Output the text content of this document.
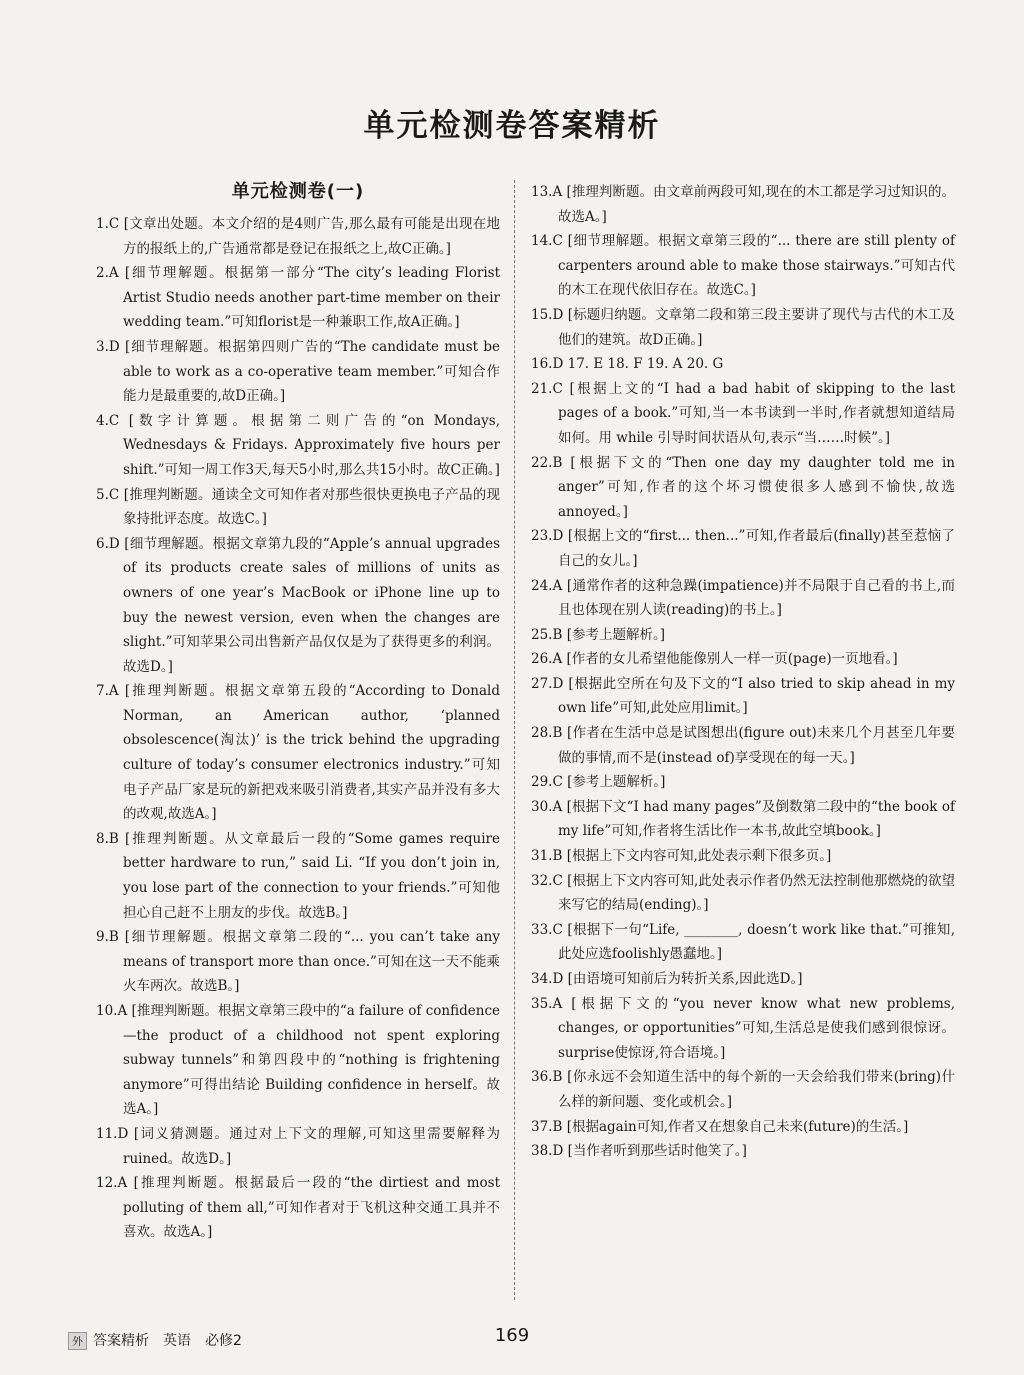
单元检测卷答案精析
单元检测卷(一)

1.C [文章出处题。本文介绍的是4则广告,那么最有可能是出现在地方的报纸上的,广告通常都是登记在报纸之上,故C正确。]

2.A [细节理解题。根据第一部分“The city’s leading Florist Artist Studio needs another part-time member on their wedding team.”可知florist是一种兼职工作,故A正确。]

3.D [细节理解题。根据第四则广告的“The candidate must be able to work as a co-operative team member.”可知合作能力是最重要的,故D正确。]

4.C [数字计算题。根据第二则广告的“on Mondays, Wednesdays & Fridays. Approximately five hours per shift.”可知一周工作3天,每天5小时,那么共15小时。故C正确。]

5.C [推理判断题。通读全文可知作者对那些很快更换电子产品的现象持批评态度。故选C。]

6.D [细节理解题。根据文章第九段的“Apple’s annual upgrades of its products create sales of millions of units as owners of one year’s MacBook or iPhone line up to buy the newest version, even when the changes are slight.”可知苹果公司出售新产品仅仅是为了获得更多的利润。故选D。]

7.A [推理判断题。根据文章第五段的“According to Donald Norman, an American author, ‘planned obsolescence(淘汰)’ is the trick behind the upgrading culture of today’s consumer electronics industry.”可知电子产品厂家是玩的新把戏来吸引消费者,其实产品并没有多大的改观,故选A。]

8.B [推理判断题。从文章最后一段的“Some games require better hardware to run,” said Li. “If you don’t join in, you lose part of the connection to your friends.”可知他担心自己赶不上朋友的步伐。故选B。]

9.B [细节理解题。根据文章第二段的“... you can’t take any means of transport more than once.”可知在这一天不能乘火车两次。故选B。]

10.A [推理判断题。根据文章第三段中的“a failure of confidence—the product of a childhood not spent exploring subway tunnels”和第四段中的“nothing is frightening anymore”可得出结论 Building confidence in herself。故选A。]

11.D [词义猜测题。通过对上下文的理解,可知这里需要解释为ruined。故选D。]

12.A [推理判断题。根据最后一段的“the dirtiest and most polluting of them all,”可知作者对于飞机这种交通工具并不喜欢。故选A。]

13.A [推理判断题。由文章前两段可知,现在的木工都是学习过知识的。故选A。]

14.C [细节理解题。根据文章第三段的“... there are still plenty of carpenters around able to make those stairways.”可知古代的木工在现代依旧存在。故选C。]

15.D [标题归纳题。文章第二段和第三段主要讲了现代与古代的木工及他们的建筑。故D正确。]

16.D 17. E 18. F 19. A 20. G

21.C [根据上文的“I had a bad habit of skipping to the last pages of a book.”可知,当一本书读到一半时,作者就想知道结局如何。用 while 引导时间状语从句,表示“当……时候”。]

22.B [根据下文的“Then one day my daughter told me in anger”可知,作者的这个坏习惯使很多人感到不愉快,故选annoyed。]

23.D [根据上文的“first... then...”可知,作者最后(finally)甚至惹恼了自己的女儿。]

24.A [通常作者的这种急躁(impatience)并不局限于自己看的书上,而且也体现在别人读(reading)的书上。]

25.B [参考上题解析。]

26.A [作者的女儿希望他能像别人一样一页(page)一页地看。]

27.D [根据此空所在句及下文的“I also tried to skip ahead in my own life”可知,此处应用limit。]

28.B [作者在生活中总是试图想出(figure out)未来几个月甚至几年要做的事情,而不是(instead of)享受现在的每一天。]

29.C [参考上题解析。]

30.A [根据下文“I had many pages”及倒数第二段中的“the book of my life”可知,作者将生活比作一本书,故此空填book。]

31.B [根据上下文内容可知,此处表示剩下很多页。]

32.C [根据上下文内容可知,此处表示作者仍然无法控制他那燃烧的欲望来写它的结局(ending)。]

33.C [根据下一句“Life, ________, doesn’t work like that.”可推知,此处应选foolishly愚蠢地。]

34.D [由语境可知前后为转折关系,因此选D。]

35.A [根据下文的“you never know what new problems, changes, or opportunities”可知,生活总是使我们感到很惊讶。surprise使惊讶,符合语境。]

36.B [你永远不会知道生活中的每个新的一天会给我们带来(bring)什么样的新问题、变化或机会。]

37.B [根据again可知,作者又在想象自己未来(future)的生活。]

38.D [当作者听到那些话时他笑了。]

外 答案精析 英语 必修2	169
